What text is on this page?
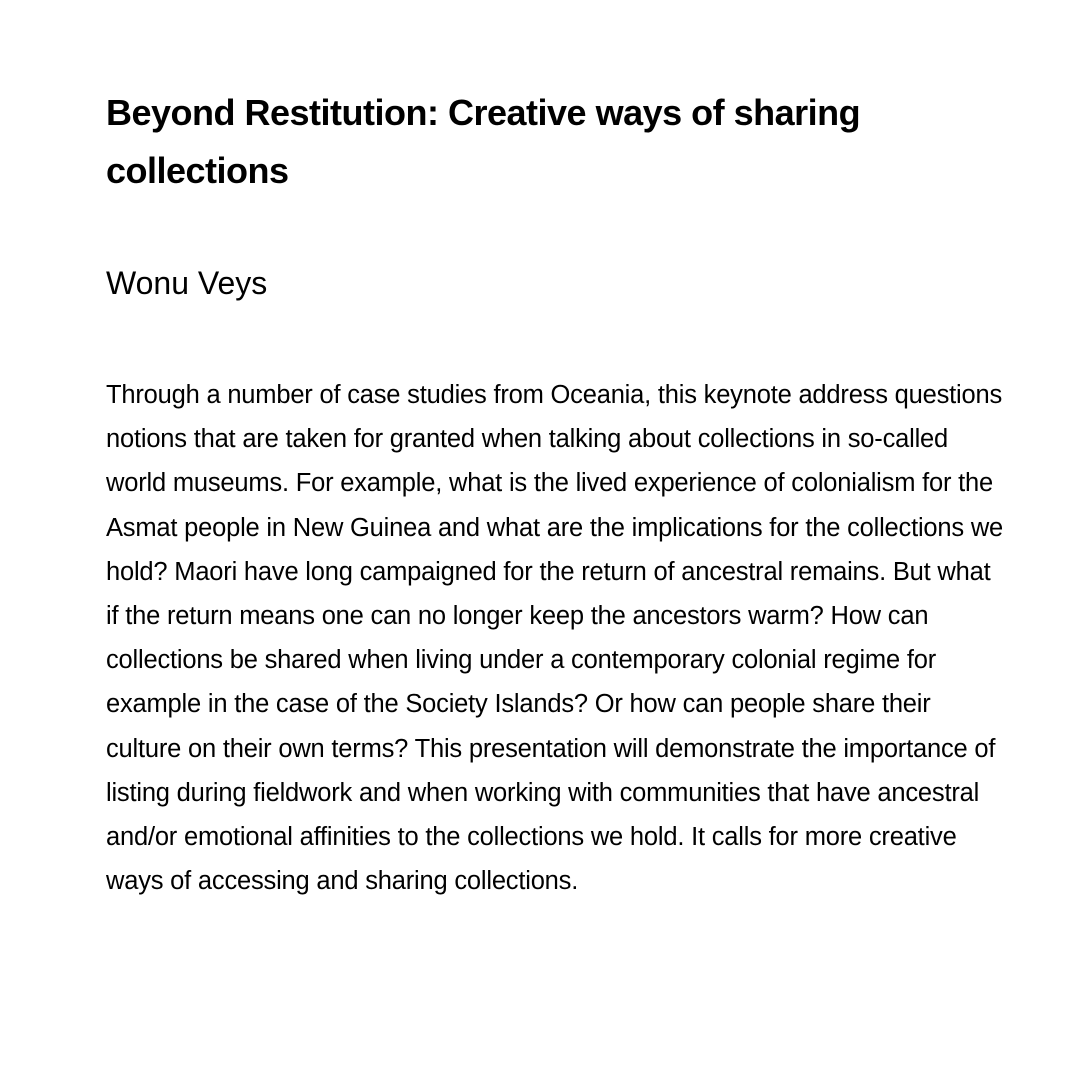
Beyond Restitution: Creative ways of sharing collections

Wonu Veys

Through a number of case studies from Oceania, this keynote address questions notions that are taken for granted when talking about collections in so-called world museums. For example, what is the lived experience of colonialism for the Asmat people in New Guinea and what are the implications for the collections we hold? Maori have long campaigned for the return of ancestral remains. But what if the return means one can no longer keep the ancestors warm? How can collections be shared when living under a contemporary colonial regime for example in the case of the Society Islands? Or how can people share their culture on their own terms? This presentation will demonstrate the importance of listing during fieldwork and when working with communities that have ancestral and/or emotional affinities to the collections we hold. It calls for more creative ways of accessing and sharing collections.
